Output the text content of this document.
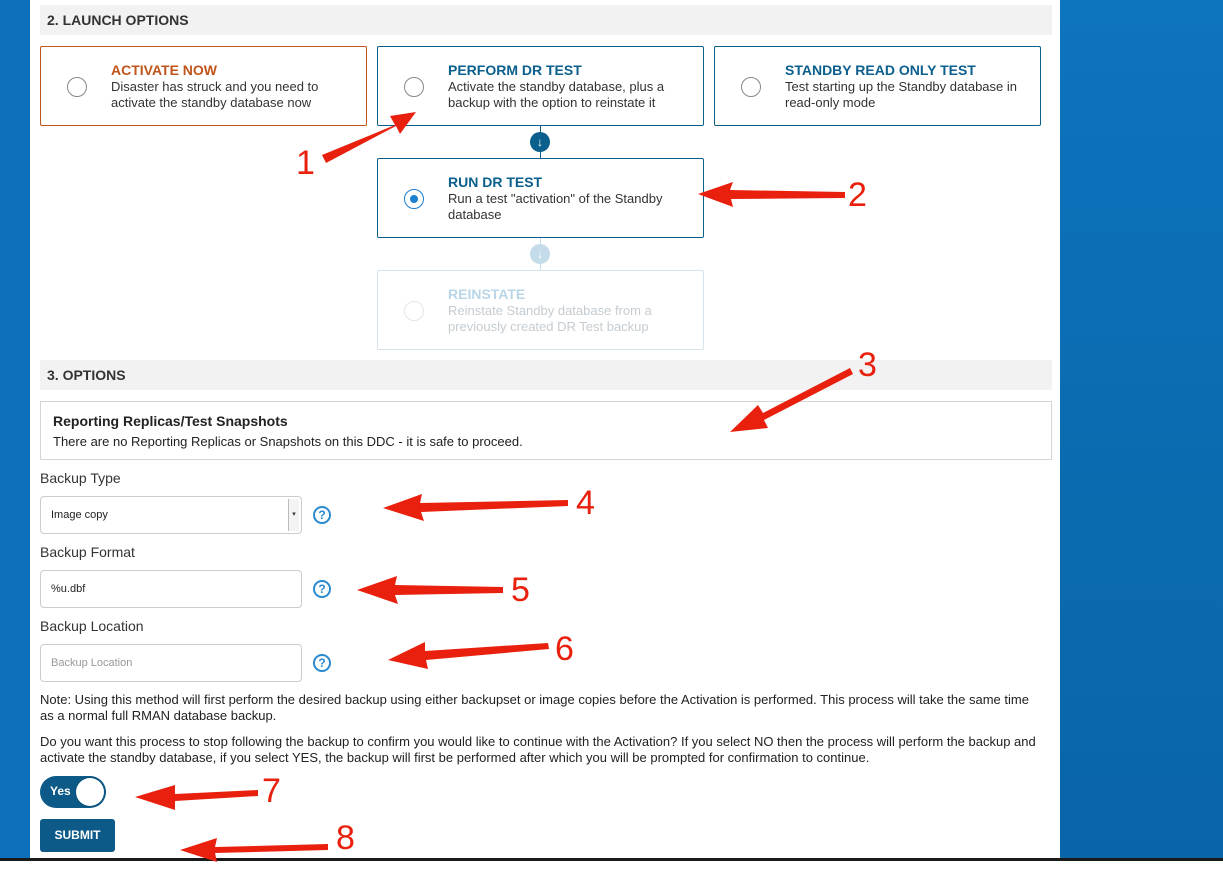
2. LAUNCH OPTIONS
ACTIVATE NOW
Disaster has struck and you need to activate the standby database now
PERFORM DR TEST
Activate the standby database, plus a backup with the option to reinstate it
STANDBY READ ONLY TEST
Test starting up the Standby database in read-only mode
↓
RUN DR TEST
Run a test "activation" of the Standby database
↓
REINSTATE
Reinstate Standby database from a previously created DR Test backup
3. OPTIONS
Reporting Replicas/Test Snapshots
There are no Reporting Replicas or Snapshots on this DDC - it is safe to proceed.
Backup Type
Image copy	▾	?
Backup Format
%u.dbf
?
Backup Location
Backup Location
?
Note: Using this method will first perform the desired backup using either backupset or image copies before the Activation is performed. This process will take the same time as a normal full RMAN database backup.
Do you want this process to stop following the backup to confirm you would like to continue with the Activation? If you select NO then the process will perform the backup and activate the standby database, if you select YES, the backup will first be performed after which you will be prompted for confirmation to continue.
Yes
SUBMIT
1
2
3
4
5
6
7
8
